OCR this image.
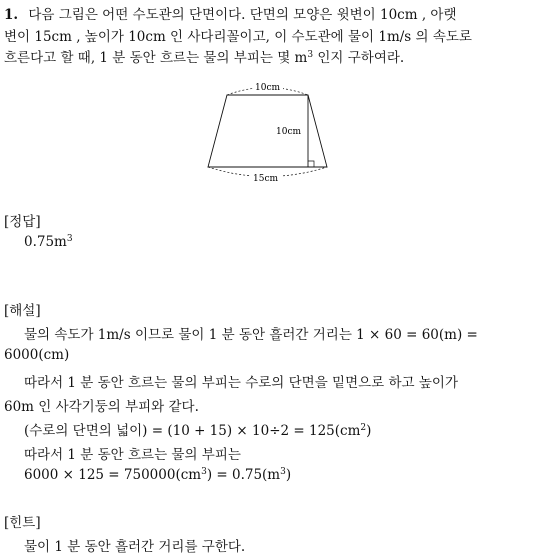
1. 다음 그림은 어떤 수도관의 단면이다. 단면의 모양은 윗변이 10cm , 아랫
변이 15cm , 높이가 10cm 인 사다리꼴이고, 이 수도관에 물이 1m/s 의 속도로
흐른다고 할 때, 1 분 동안 흐르는 물의 부피는 몇 $m^3$ 인지 구하여라.
10cm
10cm
15cm
[정답]
$0.75m^3$
[해설]
물의 속도가 1m/s 이므로 물이 1 분 동안 흘러간 거리는 1 × 60 = 60(m) =
6000(cm)
따라서 1 분 동안 흐르는 물의 부피는 수로의 단면을 밑면으로 하고 높이가
60m 인 사각기둥의 부피와 같다.
(수로의 단면의 넓이) = $(10 + 15) \times 10\div 2 = 125(cm^2)$
따라서 1 분 동안 흐르는 물의 부피는
$6000 \times 125 = 750000(cm^3) = 0.75(m^3)$
[힌트]
물이 1 분 동안 흘러간 거리를 구한다.
